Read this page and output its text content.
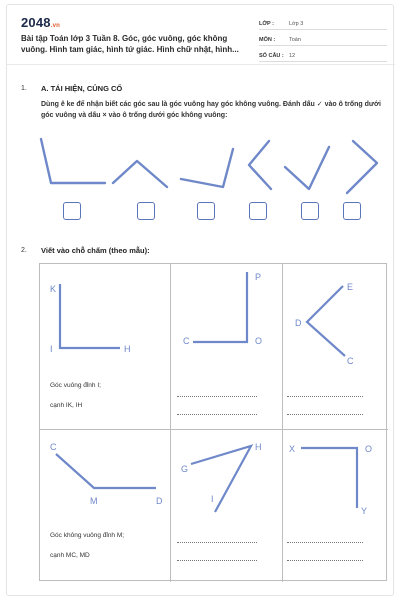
2048.vn
Bài tập Toán lớp 3 Tuần 8. Góc, góc vuông, góc không vuông. Hình tam giác, hình tứ giác. Hình chữ nhật, hình...
LỚP :	Lớp 3
MÔN :	Toán
SỐ CÂU : 12
1. A. TÁI HIỆN, CỦNG CỐ
Dùng ê ke để nhận biết các góc sau là góc vuông hay góc không vuông. Đánh dấu ✓ vào ô trống dưới góc vuông và dấu × vào ô trống dưới góc không vuông:
2. Viết vào chỗ chấm (theo mẫu):
K
I	H
Góc vuông đỉnh I;
cạnh IK, IH
P
C	O
E
D
C
C
M	D
Góc không vuông đỉnh M;
cạnh MC, MD
H
G
I
X	O
Y
